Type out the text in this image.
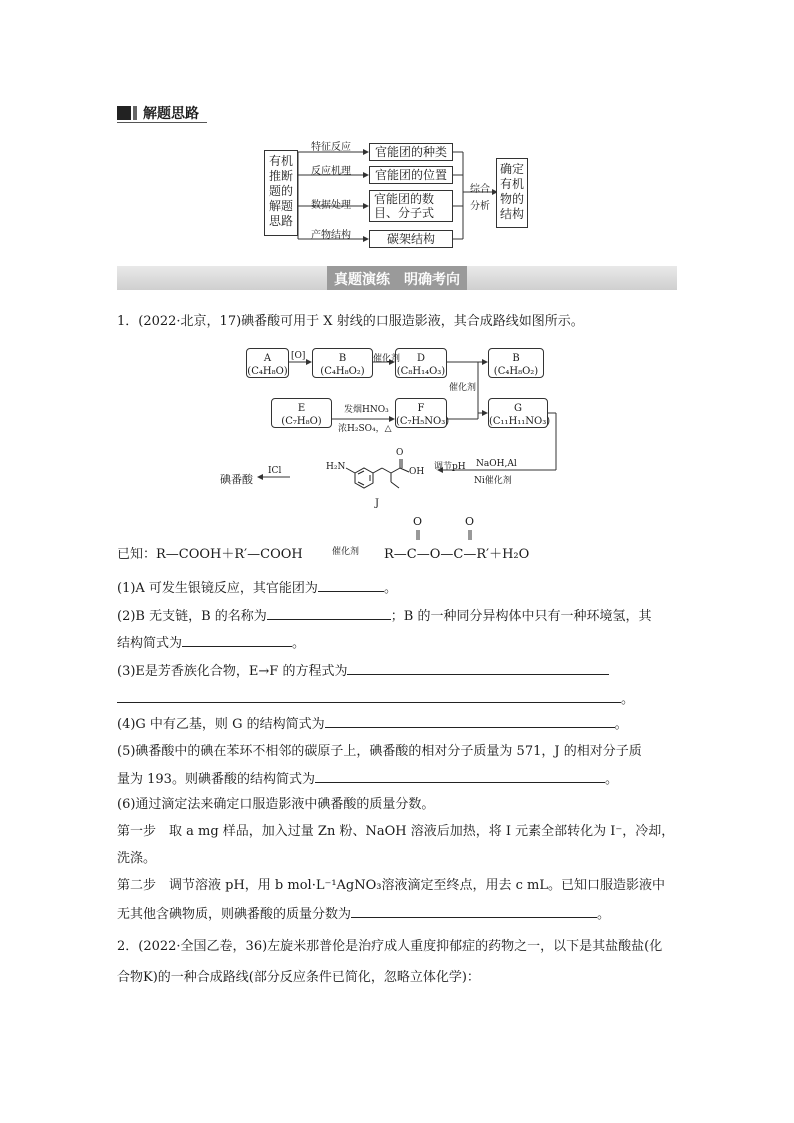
解题思路
有机
推断
题的
解题
思路
特征反应
反应机理
数据处理
产物结构
官能团的种类
官能团的位置
官能团的数目、分子式
碳架结构
综合
分析
确定
有机
物的
结构
真题演练　明确考向
1．(2022·北京，17)碘番酸可用于 X 射线的口服造影液，其合成路线如图所示。
A
(C₄H₈O)
B
(C₄H₈O₂)
D
(C₈H₁₄O₃)
E
(C₇H₈O)
F
(C₇H₅NO₃)
B
(C₄H₈O₂)
G
(C₁₁H₁₁NO₃)
[O]	催化剂
催化剂
发烟HNO₃
浓H₂SO₄，△
NaOH,Al
Ni催化剂
调节pH
ICl
碘番酸
H₂N	OH
O
J
已知：R—COOH＋R′—COOH	催化剂 R—C—O—C—R′＋H₂O
O	O
(1)A 可发生银镜反应，其官能团为	。
(2)B 无支链，B 的名称为	；B 的一种同分异构体中只有一种环境氢，其
结构简式为	。
(3)E是芳香族化合物，E→F 的方程式为
。
(4)G 中有乙基，则 G 的结构简式为	。
(5)碘番酸中的碘在苯环不相邻的碳原子上，碘番酸的相对分子质量为 571，J 的相对分子质
量为 193。则碘番酸的结构简式为	。
(6)通过滴定法来确定口服造影液中碘番酸的质量分数。
第一步　取 a mg 样品，加入过量 Zn 粉、NaOH 溶液后加热，将 I 元素全部转化为 I⁻，冷却，
洗涤。
第二步　调节溶液 pH，用 b mol·L⁻¹AgNO₃溶液滴定至终点，用去 c mL。已知口服造影液中
无其他含碘物质，则碘番酸的质量分数为	。
2．(2022·全国乙卷，36)左旋米那普伦是治疗成人重度抑郁症的药物之一，以下是其盐酸盐(化
合物K)的一种合成路线(部分反应条件已简化，忽略立体化学)：
